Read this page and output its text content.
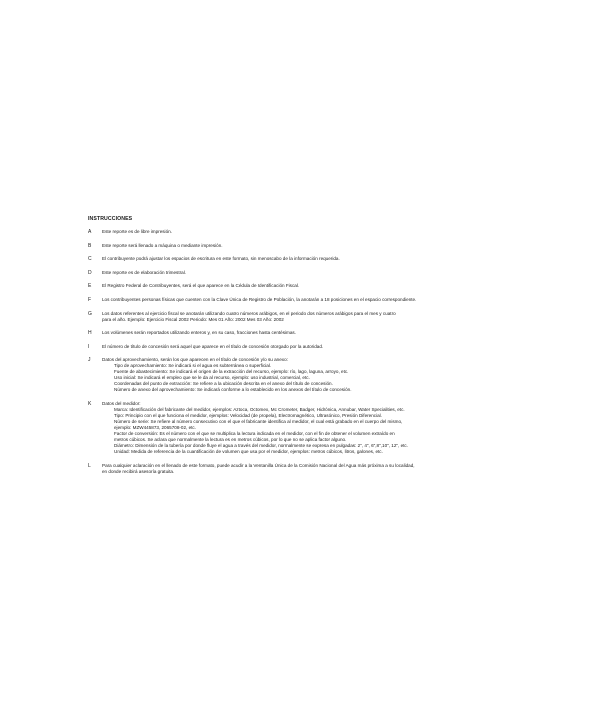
INSTRUCCIONES
A	Este reporte es de libre impresión.
B	Este reporte será llenado a máquina o mediante impresión.
C	El contribuyente podrá ajustar los espacios de escritura en este formato, sin menoscabo de la información requerida.
D	Este reporte es de elaboración trimestral.
E	El Registro Federal de Contribuyentes, será el que aparece en la Cédula de Identificación Fiscal.
F	Los contribuyentes personas físicas que cuenten con la Clave Única de Registro de Población, la anotarán a 18 posiciones en el espacio correspondiente.
G	Los datos referentes al ejercicio fiscal se anotarán utilizando cuatro números arábigos, en el periodo dos números arábigos para el mes y cuatro
para el año. Ejemplo: Ejercicio Fiscal 2002 Periodo: Mes 01 Año: 2002 Mes 03 Año: 2002
H	Los volúmenes serán reportados utilizando enteros y, en su caso, fracciones hasta centésimas.
I	El número de título de concesión será aquel que aparece en el título de concesión otorgado por la autoridad.
J	Datos del aprovechamiento, serán los que aparecen en el título de concesión y/o su anexo:
Tipo de aprovechamiento: Se indicará si el agua es subterránea o superficial.
Fuente de abastecimiento: Se indicará el origen de la extracción del recurso, ejemplo: río, lago, laguna, arroyo, etc.
Uso inicial: Se indicará el empleo que se le da al recurso, ejemplo: uso industrial, comercial, etc.
Coordenadas del punto de extracción: Se refiere a la ubicación descrita en el anexo del título de concesión.
Número de anexo del aprovechamiento: Se indicará conforme a lo establecido en los anexos del título de concesión.
K	Datos del medidor:
Marca: Identificación del fabricante del medidor, ejemplos: Aztoca, Octomex, Mc Crometer, Badger, Hidrónica, Annubar, Water Specialities, etc.
Tipo: Principio con el que funciona el medidor, ejemplos: Velocidad (de propela), Electromagnético, Ultrasónico, Presión Diferencial.
Número de serie: Se refiere al número consecutivo con el que el fabricante identifica al medidor, el cual está grabado en el cuerpo del mismo,
ejemplo: MZW445873, 2065708-02, etc.
Factor de conversión: Es el número con el que se multiplica la lectura indicada en el medidor, con el fin de obtener el volumen extraído en
metros cúbicos. Se aclara que normalmente la lectura es en metros cúbicos, por lo que no se aplica factor alguno.
Diámetro: Dimensión de la tubería por donde fluye el agua a través del medidor, normalmente se expresa en pulgadas: 2", 4", 6",8",10", 12", etc.
Unidad: Medida de referencia de la cuantificación de volumen que usa por el medidor, ejemplos: metros cúbicos, litros, galones, etc.
L	Para cualquier aclaración en el llenado de este formato, puede acudir a la Ventanilla Única de la Comisión Nacional del Agua más próxima a su localidad,
en donde recibirá asesoría gratuita.
